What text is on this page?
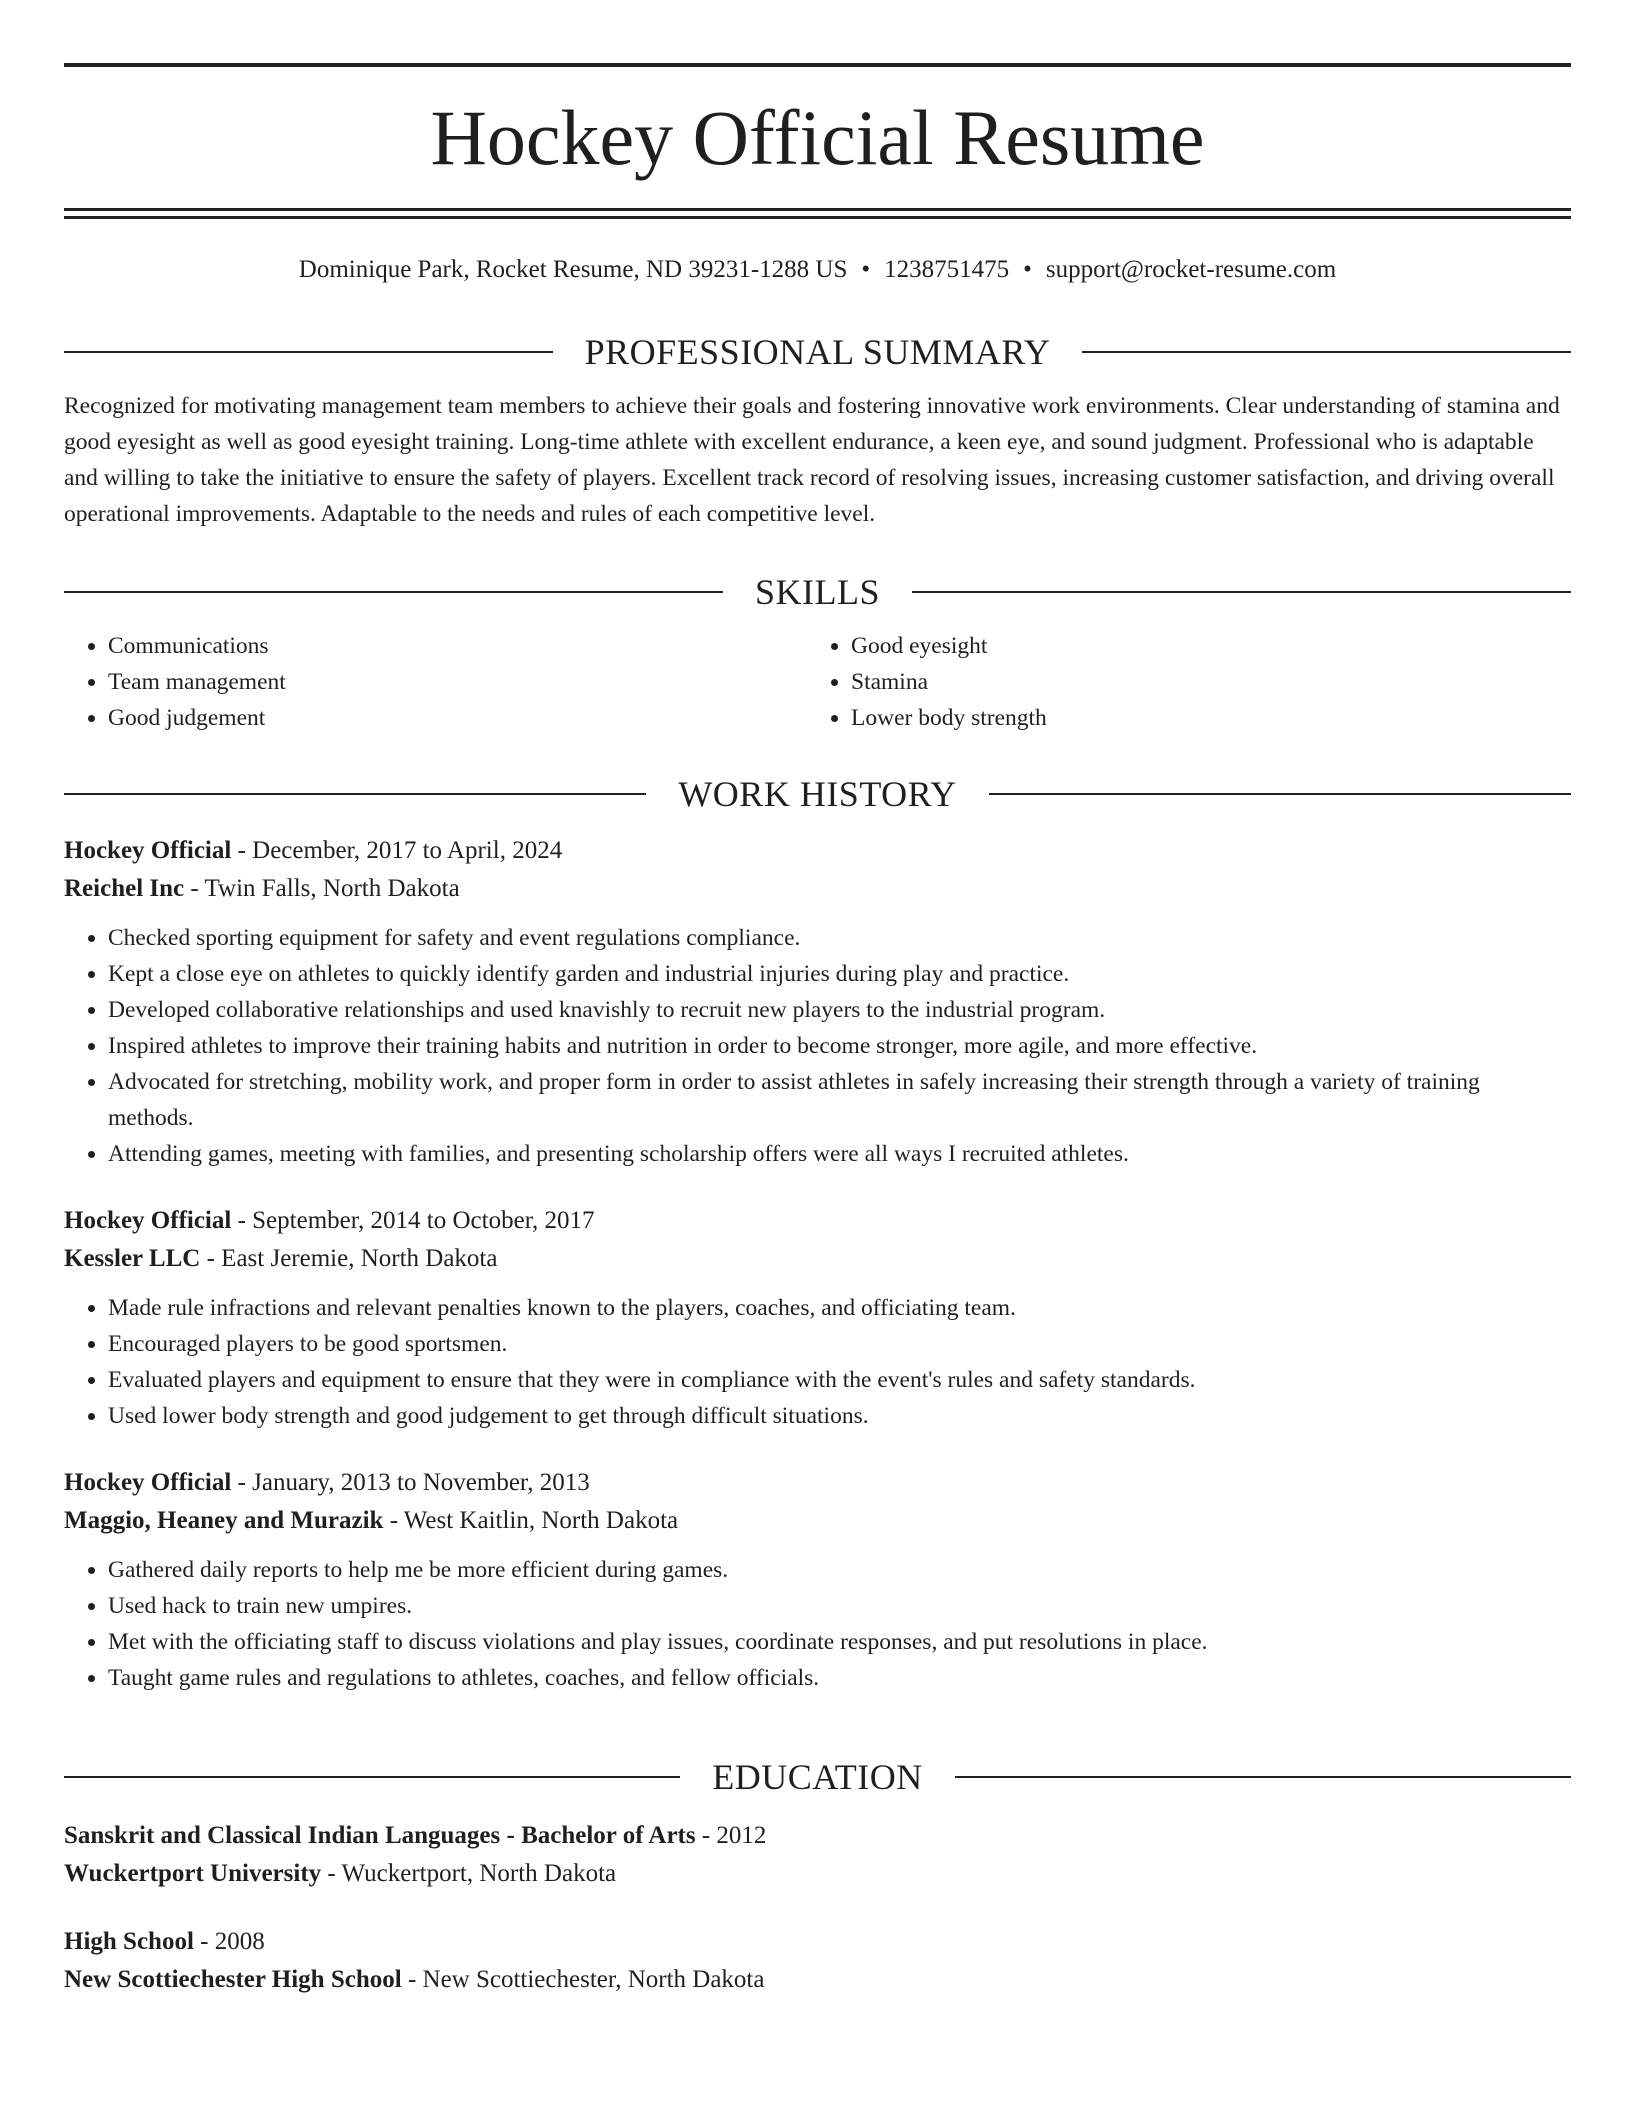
Hockey Official Resume
Dominique Park, Rocket Resume, ND 39231-1288 US • 1238751475 • support@rocket-resume.com
PROFESSIONAL SUMMARY

Recognized for motivating management team members to achieve their goals and fostering innovative work environments. Clear understanding of stamina and good eyesight as well as good eyesight training. Long-time athlete with excellent endurance, a keen eye, and sound judgment. Professional who is adaptable and willing to take the initiative to ensure the safety of players. Excellent track record of resolving issues, increasing customer satisfaction, and driving overall operational improvements. Adaptable to the needs and rules of each competitive level.

SKILLS
• Communications
• Team management
• Good judgement
• Good eyesight
• Stamina
• Lower body strength
WORK HISTORY
Hockey Official - December, 2017 to April, 2024
Reichel Inc - Twin Falls, North Dakota
• Checked sporting equipment for safety and event regulations compliance.
• Kept a close eye on athletes to quickly identify garden and industrial injuries during play and practice.
• Developed collaborative relationships and used knavishly to recruit new players to the industrial program.
• Inspired athletes to improve their training habits and nutrition in order to become stronger, more agile, and more effective.
• Advocated for stretching, mobility work, and proper form in order to assist athletes in safely increasing their strength through a variety of training methods.
• Attending games, meeting with families, and presenting scholarship offers were all ways I recruited athletes.
Hockey Official - September, 2014 to October, 2017
Kessler LLC - East Jeremie, North Dakota
• Made rule infractions and relevant penalties known to the players, coaches, and officiating team.
• Encouraged players to be good sportsmen.
• Evaluated players and equipment to ensure that they were in compliance with the event's rules and safety standards.
• Used lower body strength and good judgement to get through difficult situations.
Hockey Official - January, 2013 to November, 2013
Maggio, Heaney and Murazik - West Kaitlin, North Dakota
• Gathered daily reports to help me be more efficient during games.
• Used hack to train new umpires.
• Met with the officiating staff to discuss violations and play issues, coordinate responses, and put resolutions in place.
• Taught game rules and regulations to athletes, coaches, and fellow officials.
EDUCATION
Sanskrit and Classical Indian Languages - Bachelor of Arts - 2012
Wuckertport University - Wuckertport, North Dakota
High School - 2008
New Scottiechester High School - New Scottiechester, North Dakota
